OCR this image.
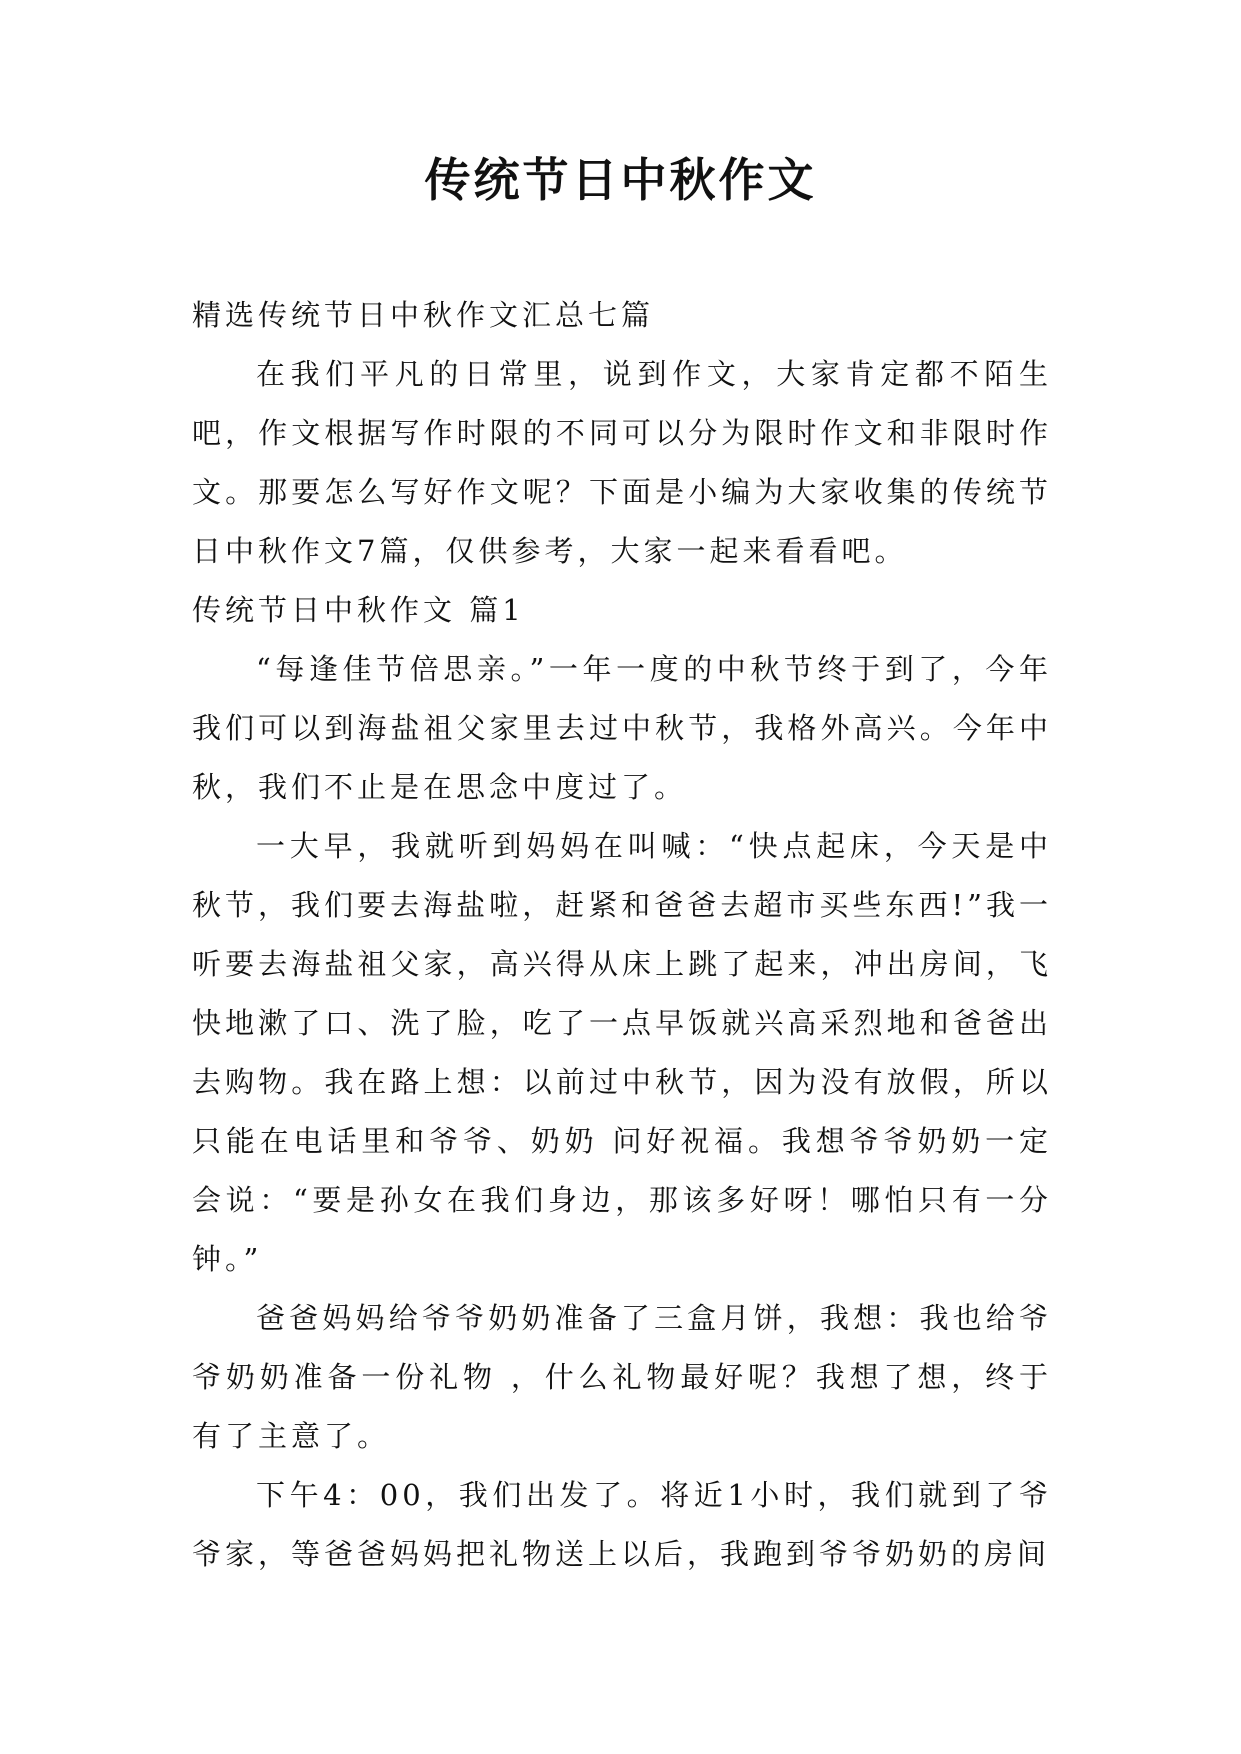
传统节日中秋作文

精选传统节日中秋作文汇总七篇

在我们平凡的日常里，说到作文，大家肯定都不陌生吧，作文根据写作时限的不同可以分为限时作文和非限时作文。那要怎么写好作文呢？下面是小编为大家收集的传统节日中秋作文7篇，仅供参考，大家一起来看看吧。

传统节日中秋作文 篇1

“每逢佳节倍思亲。”一年一度的中秋节终于到了，今年我们可以到海盐祖父家里去过中秋节，我格外高兴。今年中秋，我们不止是在思念中度过了。

一大早，我就听到妈妈在叫喊：“快点起床，今天是中秋节，我们要去海盐啦，赶紧和爸爸去超市买些东西!”我一听要去海盐祖父家，高兴得从床上跳了起来，冲出房间，飞快地漱了口、洗了脸，吃了一点早饭就兴高采烈地和爸爸出去购物。我在路上想：以前过中秋节，因为没有放假，所以只能在电话里和爷爷、奶奶 问好祝福。我想爷爷奶奶一定会说：“要是孙女在我们身边，那该多好呀！哪怕只有一分钟。”

爸爸妈妈给爷爷奶奶准备了三盒月饼，我想：我也给爷爷奶奶准备一份礼物 ，什么礼物最好呢？我想了想，终于有了主意了。

下午4：00，我们出发了。将近1小时，我们就到了爷爷家，等爸爸妈妈把礼物送上以后，我跑到爷爷奶奶的房间
